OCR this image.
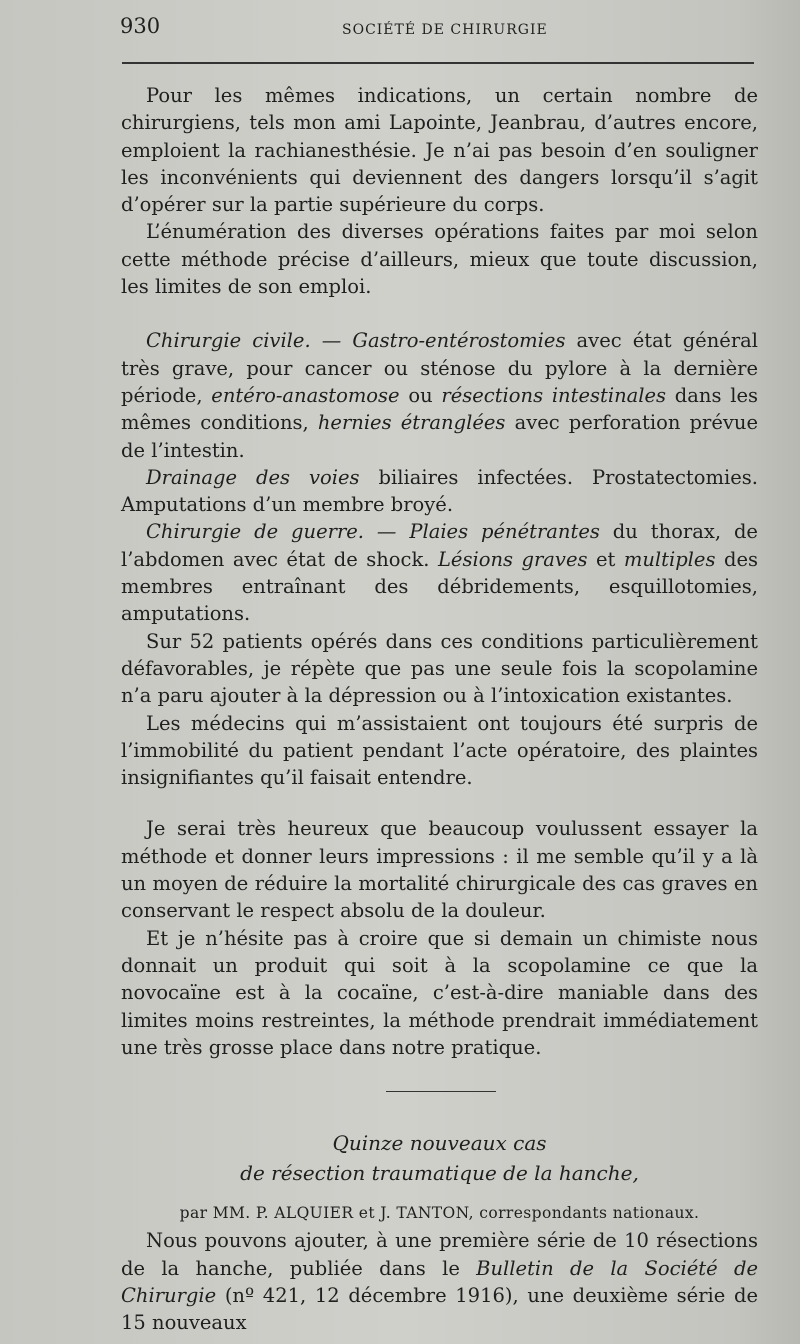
930	SOCIÉTÉ DE CHIRURGIE

Pour les mêmes indications, un certain nombre de chirurgiens, tels mon ami Lapointe, Jeanbrau, d’autres encore, emploient la rachianesthésie. Je n’ai pas besoin d’en souligner les inconvénients qui deviennent des dangers lorsqu’il s’agit d’opérer sur la partie supérieure du corps.

L’énumération des diverses opérations faites par moi selon cette méthode précise d’ailleurs, mieux que toute discussion, les limites de son emploi.

Chirurgie civile. — Gastro-entérostomies avec état général très grave, pour cancer ou sténose du pylore à la dernière période, entéro-anastomose ou résections intestinales dans les mêmes conditions, hernies étranglées avec perforation prévue de l’intestin.

Drainage des voies biliaires infectées. Prostatectomies. Amputations d’un membre broyé.

Chirurgie de guerre. — Plaies pénétrantes du thorax, de l’abdomen avec état de shock. Lésions graves et multiples des membres entraînant des débridements, esquillotomies, amputations.

Sur 52 patients opérés dans ces conditions particulièrement défavorables, je répète que pas une seule fois la scopolamine n’a paru ajouter à la dépression ou à l’intoxication existantes.

Les médecins qui m’assistaient ont toujours été surpris de l’immobilité du patient pendant l’acte opératoire, des plaintes insignifiantes qu’il faisait entendre.

Je serai très heureux que beaucoup voulussent essayer la méthode et donner leurs impressions : il me semble qu’il y a là un moyen de réduire la mortalité chirurgicale des cas graves en conservant le respect absolu de la douleur.

Et je n’hésite pas à croire que si demain un chimiste nous donnait un produit qui soit à la scopolamine ce que la novocaïne est à la cocaïne, c’est-à-dire maniable dans des limites moins restreintes, la méthode prendrait immédiatement une très grosse place dans notre pratique.

Quinze nouveaux cas
de résection traumatique de la hanche,
par MM. P. ALQUIER et J. TANTON, correspondants nationaux.

Nous pouvons ajouter, à une première série de 10 résections de la hanche, publiée dans le Bulletin de la Société de Chirurgie (nº 421, 12 décembre 1916), une deuxième série de 15 nouveaux
